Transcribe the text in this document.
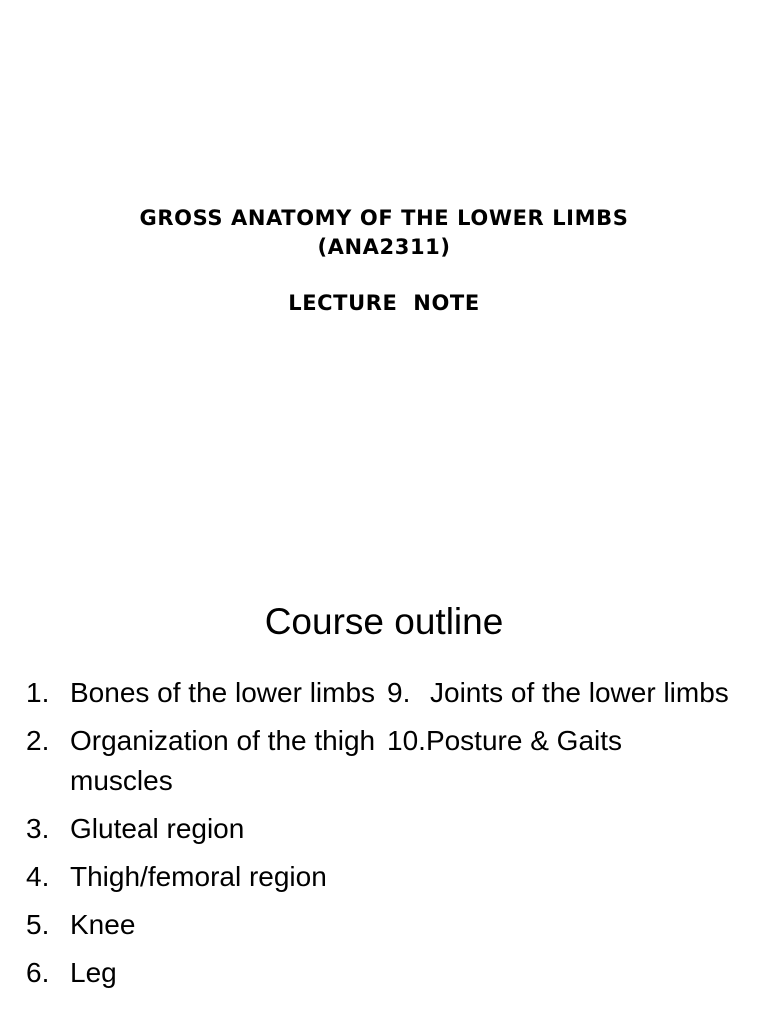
GROSS ANATOMY OF THE LOWER LIMBS
(ANA2311)
LECTURE  NOTE
Course outline
1. Bones of the lower limbs
2. Organization of the thigh muscles
3. Gluteal region
4. Thigh/femoral region
5. Knee
6. Leg
9. Joints of the lower limbs
10.Posture & Gaits
